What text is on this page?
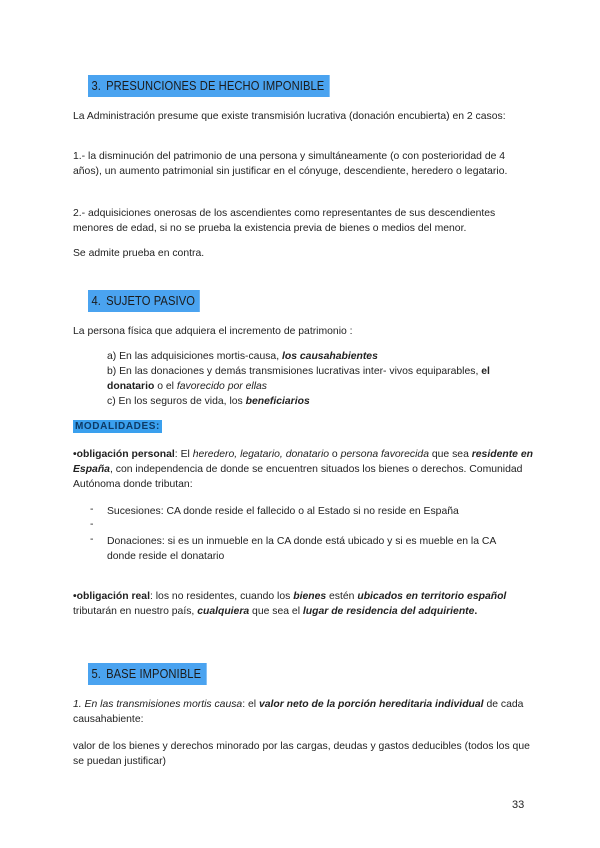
3. PRESUNCIONES DE HECHO IMPONIBLE
La Administración presume que existe transmisión lucrativa (donación encubierta) en 2 casos:
1.- la disminución del patrimonio de una persona y simultáneamente (o con posterioridad de 4 años), un aumento patrimonial sin justificar en el cónyuge, descendiente, heredero o legatario.
2.- adquisiciones onerosas de los ascendientes como representantes de sus descendientes menores de edad, si no se prueba la existencia previa de bienes o medios del menor.
Se admite prueba en contra.
4. SUJETO PASIVO
La persona física que adquiera el incremento de patrimonio :
a) En las adquisiciones mortis-causa, los causahabientes
b) En las donaciones y demás transmisiones lucrativas inter- vivos equiparables, el donatario o el favorecido por ellas
c) En los seguros de vida, los beneficiarios
MODALIDADES:
•obligación personal: El heredero, legatario, donatario o persona favorecida que sea residente en España, con independencia de donde se encuentren situados los bienes o derechos. Comunidad Autónoma donde tributan:
- Sucesiones: CA donde reside el fallecido o al Estado si no reside en España
-
- Donaciones: si es un inmueble en la CA donde está ubicado y si es mueble en la CA donde reside el donatario
•obligación real: los no residentes, cuando los bienes estén ubicados en territorio español tributarán en nuestro país, cualquiera que sea el lugar de residencia del adquiriente.
5. BASE IMPONIBLE
1. En las transmisiones mortis causa: el valor neto de la porción hereditaria individual de cada causahabiente:
valor de los bienes y derechos minorado por las cargas, deudas y gastos deducibles (todos los que se puedan justificar)
33
